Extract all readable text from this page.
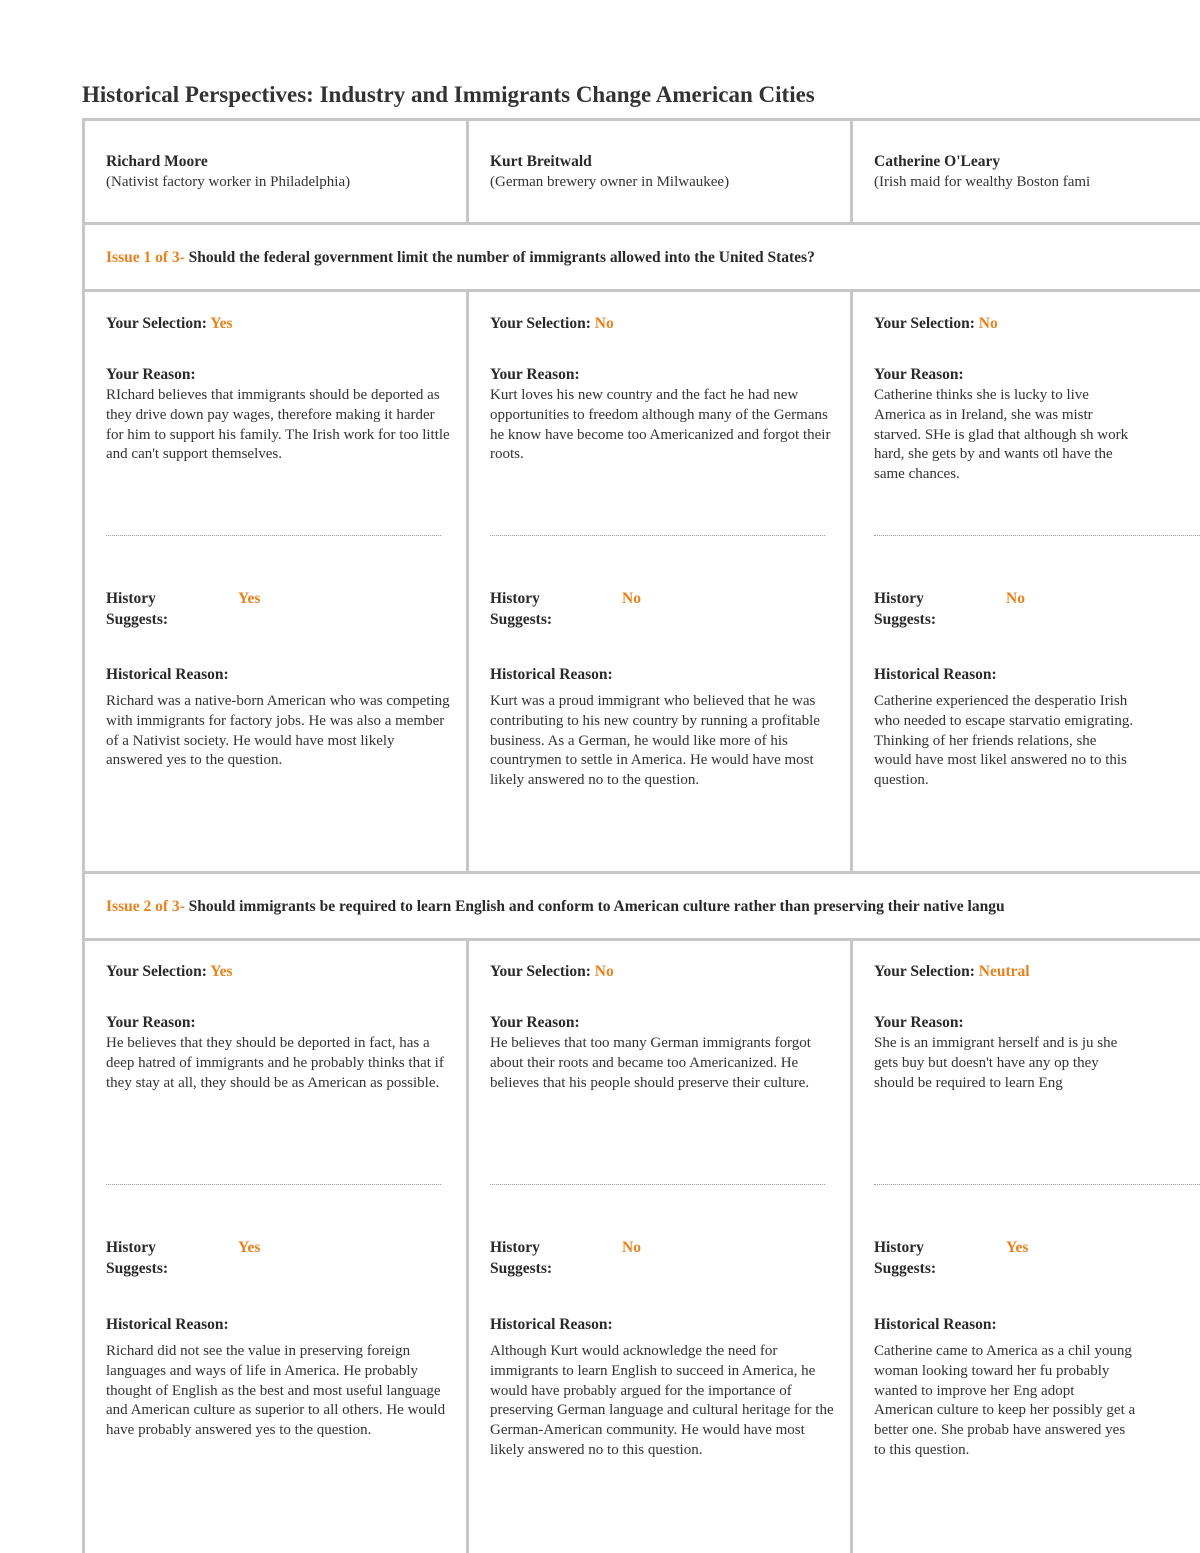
Historical Perspectives: Industry and Immigrants Change American Cities
Richard Moore
(Nativist factory worker in Philadelphia)
Kurt Breitwald
(German brewery owner in Milwaukee)
Catherine O'Leary
(Irish maid for wealthy Boston fami
Issue 1 of 3- Should the federal government limit the number of immigrants allowed into the United States?
Your Selection: Yes
Your Reason:
RIchard believes that immigrants should be deported as they drive down pay wages, therefore making it harder for him to support his family. The Irish work for too little and can't support themselves.
History
Suggests:
Yes
Historical Reason:
Richard was a native-born American who was competing with immigrants for factory jobs. He was also a member of a Nativist society. He would have most likely answered yes to the question.
Your Selection: No
Your Reason:
Kurt loves his new country and the fact he had new opportunities to freedom although many of the Germans he know have become too Americanized and forgot their roots.
History
Suggests:
No
Historical Reason:
Kurt was a proud immigrant who believed that he was contributing to his new country by running a profitable business. As a German, he would like more of his countrymen to settle in America. He would have most likely answered no to the question.
Your Selection: No
Your Reason:
Catherine thinks she is lucky to live America as in Ireland, she was mistr starved. SHe is glad that although sh work hard, she gets by and wants otl have the same chances.
History
Suggests:
No
Historical Reason:
Catherine experienced the desperatio Irish who needed to escape starvatio emigrating. Thinking of her friends relations, she would have most likel answered no to this question.
Issue 2 of 3- Should immigrants be required to learn English and conform to American culture rather than preserving their native langu
Your Selection: Yes
Your Reason:
He believes that they should be deported in fact, has a deep hatred of immigrants and he probably thinks that if they stay at all, they should be as American as possible.
History
Suggests:
Yes
Historical Reason:
Richard did not see the value in preserving foreign languages and ways of life in America. He probably thought of English as the best and most useful language and American culture as superior to all others. He would have probably answered yes to the question.
Your Selection: No
Your Reason:
He believes that too many German immigrants forgot about their roots and became too Americanized. He believes that his people should preserve their culture.
History
Suggests:
No
Historical Reason:
Although Kurt would acknowledge the need for immigrants to learn English to succeed in America, he would have probably argued for the importance of preserving German language and cultural heritage for the German-American community. He would have most likely answered no to this question.
Your Selection: Neutral
Your Reason:
She is an immigrant herself and is ju she gets buy but doesn't have any op they should be required to learn Eng
History
Suggests:
Yes
Historical Reason:
Catherine came to America as a chil young woman looking toward her fu probably wanted to improve her Eng adopt American culture to keep her possibly get a better one. She probab have answered yes to this question.
